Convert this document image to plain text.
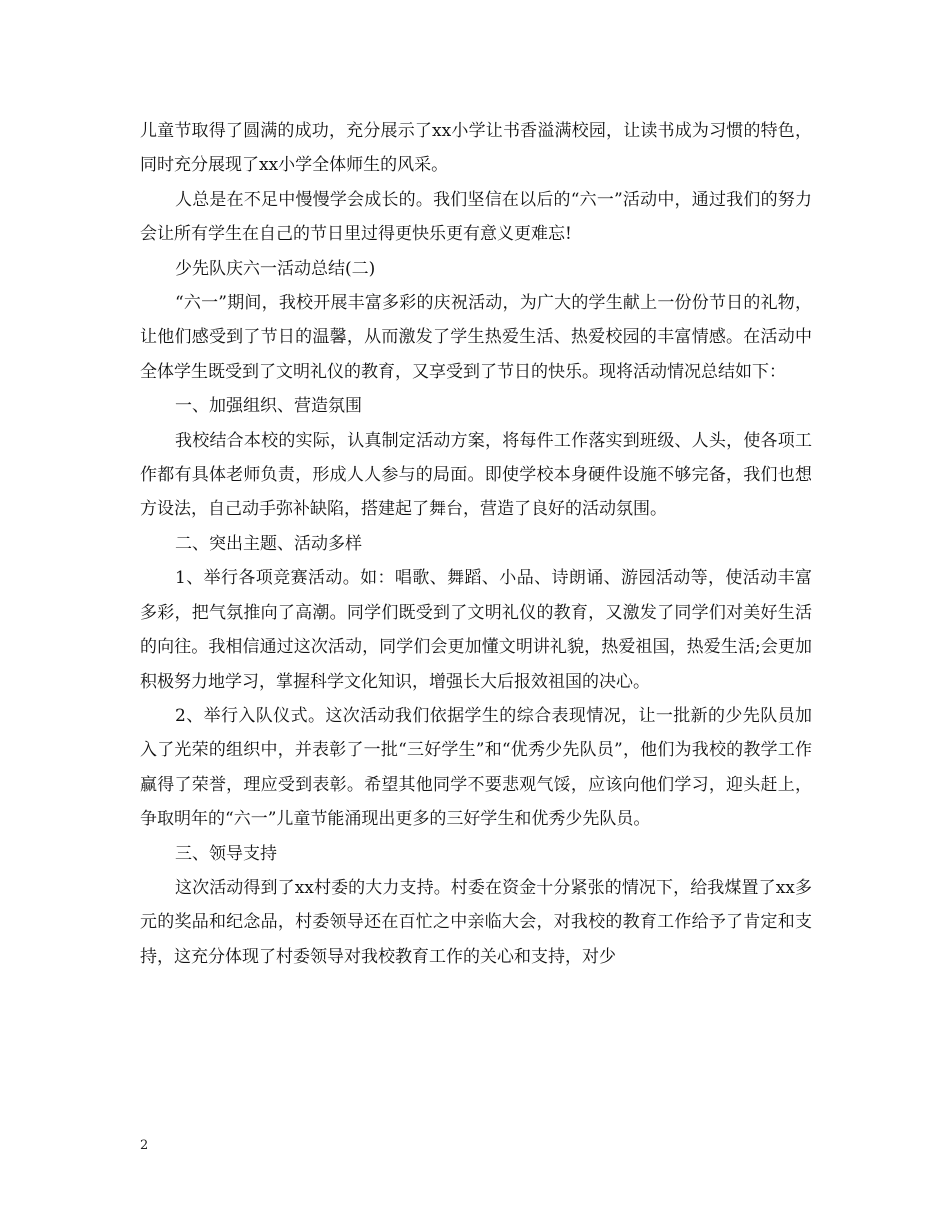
儿童节取得了圆满的成功，充分展示了xx小学让书香溢满校园，让读书成为习惯的特色，同时充分展现了xx小学全体师生的风采。

人总是在不足中慢慢学会成长的。我们坚信在以后的“六一”活动中，通过我们的努力会让所有学生在自己的节日里过得更快乐更有意义更难忘!

少先队庆六一活动总结(二)

“六一”期间，我校开展丰富多彩的庆祝活动，为广大的学生献上一份份节日的礼物，让他们感受到了节日的温馨，从而激发了学生热爱生活、热爱校园的丰富情感。在活动中全体学生既受到了文明礼仪的教育，又享受到了节日的快乐。现将活动情况总结如下：

一、加强组织、营造氛围

我校结合本校的实际，认真制定活动方案，将每件工作落实到班级、人头，使各项工作都有具体老师负责，形成人人参与的局面。即使学校本身硬件设施不够完备，我们也想方设法，自己动手弥补缺陷，搭建起了舞台，营造了良好的活动氛围。

二、突出主题、活动多样

1、举行各项竞赛活动。如：唱歌、舞蹈、小品、诗朗诵、游园活动等，使活动丰富多彩，把气氛推向了高潮。同学们既受到了文明礼仪的教育，又激发了同学们对美好生活的向往。我相信通过这次活动，同学们会更加懂文明讲礼貌，热爱祖国，热爱生活;会更加积极努力地学习，掌握科学文化知识，增强长大后报效祖国的决心。

2、举行入队仪式。这次活动我们依据学生的综合表现情况，让一批新的少先队员加入了光荣的组织中，并表彰了一批“三好学生”和“优秀少先队员”，他们为我校的教学工作赢得了荣誉，理应受到表彰。希望其他同学不要悲观气馁，应该向他们学习，迎头赶上，争取明年的“六一”儿童节能涌现出更多的三好学生和优秀少先队员。

三、领导支持

这次活动得到了xx村委的大力支持。村委在资金十分紧张的情况下，给我煤置了xx多元的奖品和纪念品，村委领导还在百忙之中亲临大会，对我校的教育工作给予了肯定和支持，这充分体现了村委领导对我校教育工作的关心和支持，对少

2
